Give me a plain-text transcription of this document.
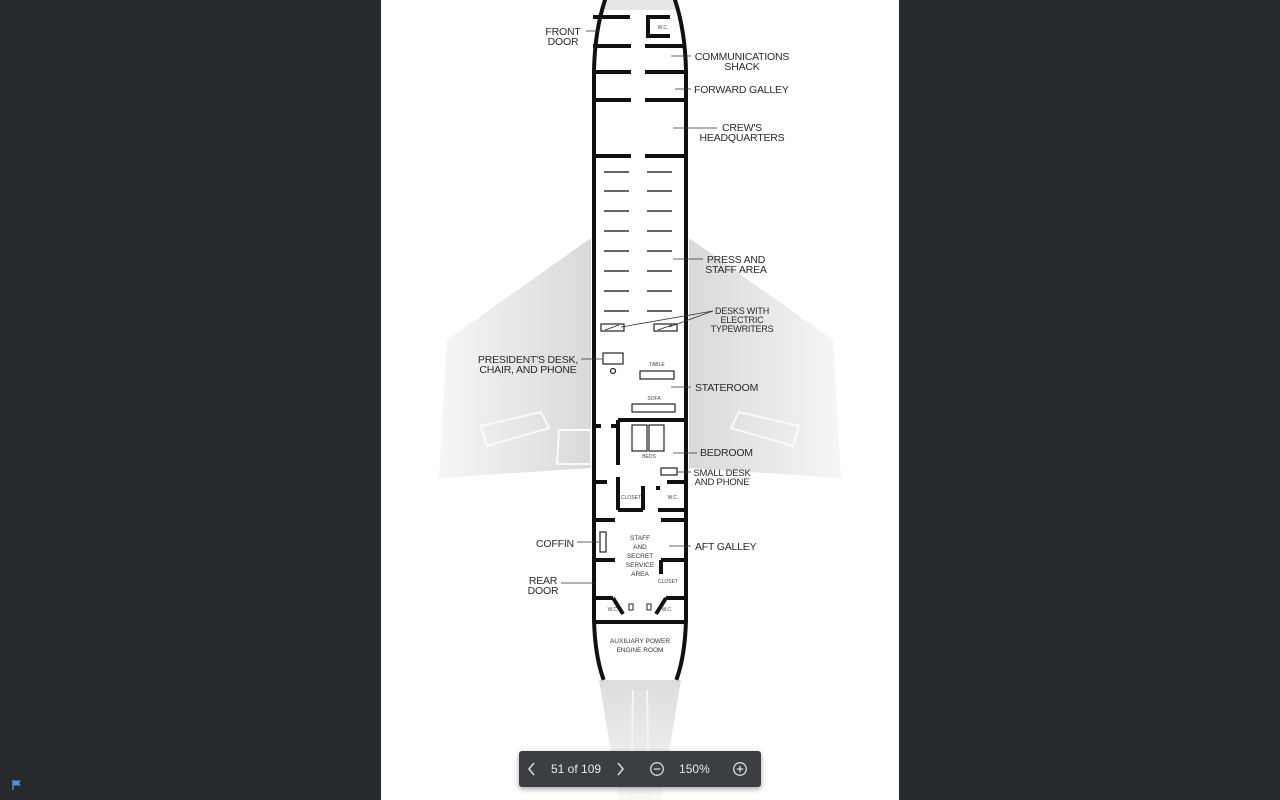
FRONT
DOOR
COMMUNICATIONS
SHACK
FORWARD GALLEY
CREW'S
HEADQUARTERS
PRESS AND
STAFF AREA
DESKS WITH
ELECTRIC
TYPEWRITERS
PRESIDENT'S DESK,
CHAIR, AND PHONE
STATEROOM
BEDROOM
SMALL DESK
AND PHONE
COFFIN	AFT GALLEY
REAR
DOOR
W.C.
TABLE
SOFA
BEDS
CLOSET	W.C.
STAFF
AND
SECRET
SERVICE
AREA
CLOSET
W.C.	W.C.
AUXILIARY POWER
ENGINE ROOM
51 of 109	150%
